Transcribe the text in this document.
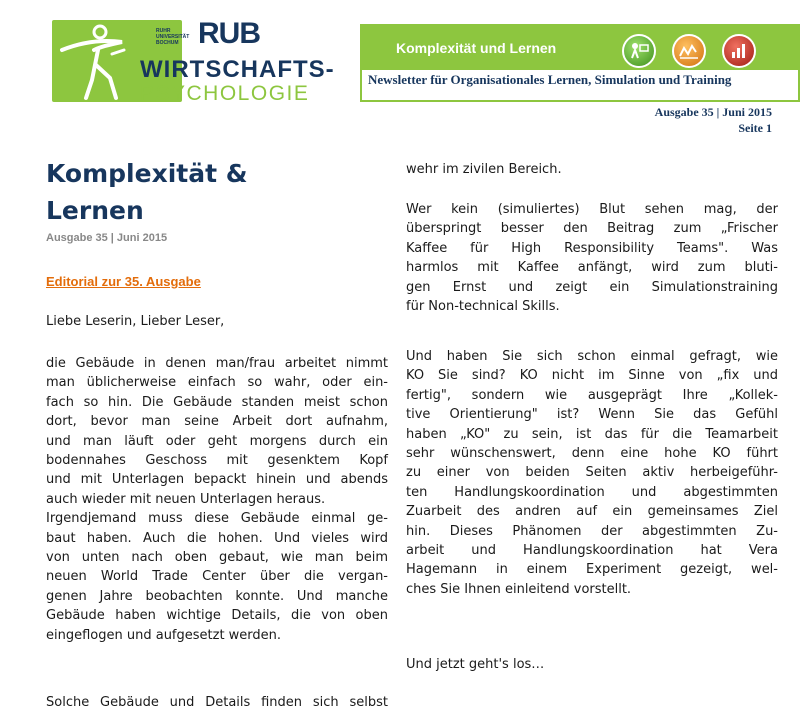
RUHR UNIVERSITÄT BOCHUM RUB
WIRTSCHAFTS-
PSYCHOLOGIE
Komplexität und Lernen
Newsletter für Organisationales Lernen, Simulation und Training
Ausgabe 35 | Juni 2015
Seite 1
Komplexität &
Lernen
Ausgabe 35 | Juni 2015
Editorial zur 35. Ausgabe
Liebe Leserin, Lieber Leser,
die Gebäude in denen man/frau arbeitet nimmt
man üblicherweise einfach so wahr, oder ein-
fach so hin. Die Gebäude standen meist schon
dort, bevor man seine Arbeit dort aufnahm,
und man läuft oder geht morgens durch ein
bodennahes Geschoss mit gesenktem Kopf
und mit Unterlagen bepackt hinein und abends
auch wieder mit neuen Unterlagen heraus.
Irgendjemand muss diese Gebäude einmal ge-
baut haben. Auch die hohen. Und vieles wird
von unten nach oben gebaut, wie man beim
neuen World Trade Center über die vergan-
genen Jahre beobachten konnte. Und manche
Gebäude haben wichtige Details, die von oben
eingeflogen und aufgesetzt werden.
Solche Gebäude und Details finden sich selbst
wehr im zivilen Bereich.
Wer kein (simuliertes) Blut sehen mag, der
überspringt besser den Beitrag zum „Frischer
Kaffee für High Responsibility Teams". Was
harmlos mit Kaffee anfängt, wird zum bluti-
gen Ernst und zeigt ein Simulationstraining
für Non-technical Skills.
Und haben Sie sich schon einmal gefragt, wie
KO Sie sind? KO nicht im Sinne von „fix und
fertig", sondern wie ausgeprägt Ihre „Kollek-
tive Orientierung" ist? Wenn Sie das Gefühl
haben „KO" zu sein, ist das für die Teamarbeit
sehr wünschenswert, denn eine hohe KO führt
zu einer von beiden Seiten aktiv herbeigeführ-
ten Handlungskoordination und abgestimmten
Zuarbeit des andren auf ein gemeinsames Ziel
hin. Dieses Phänomen der abgestimmten Zu-
arbeit und Handlungskoordination hat Vera
Hagemann in einem Experiment gezeigt, wel-
ches Sie Ihnen einleitend vorstellt.
Und jetzt geht's los…
